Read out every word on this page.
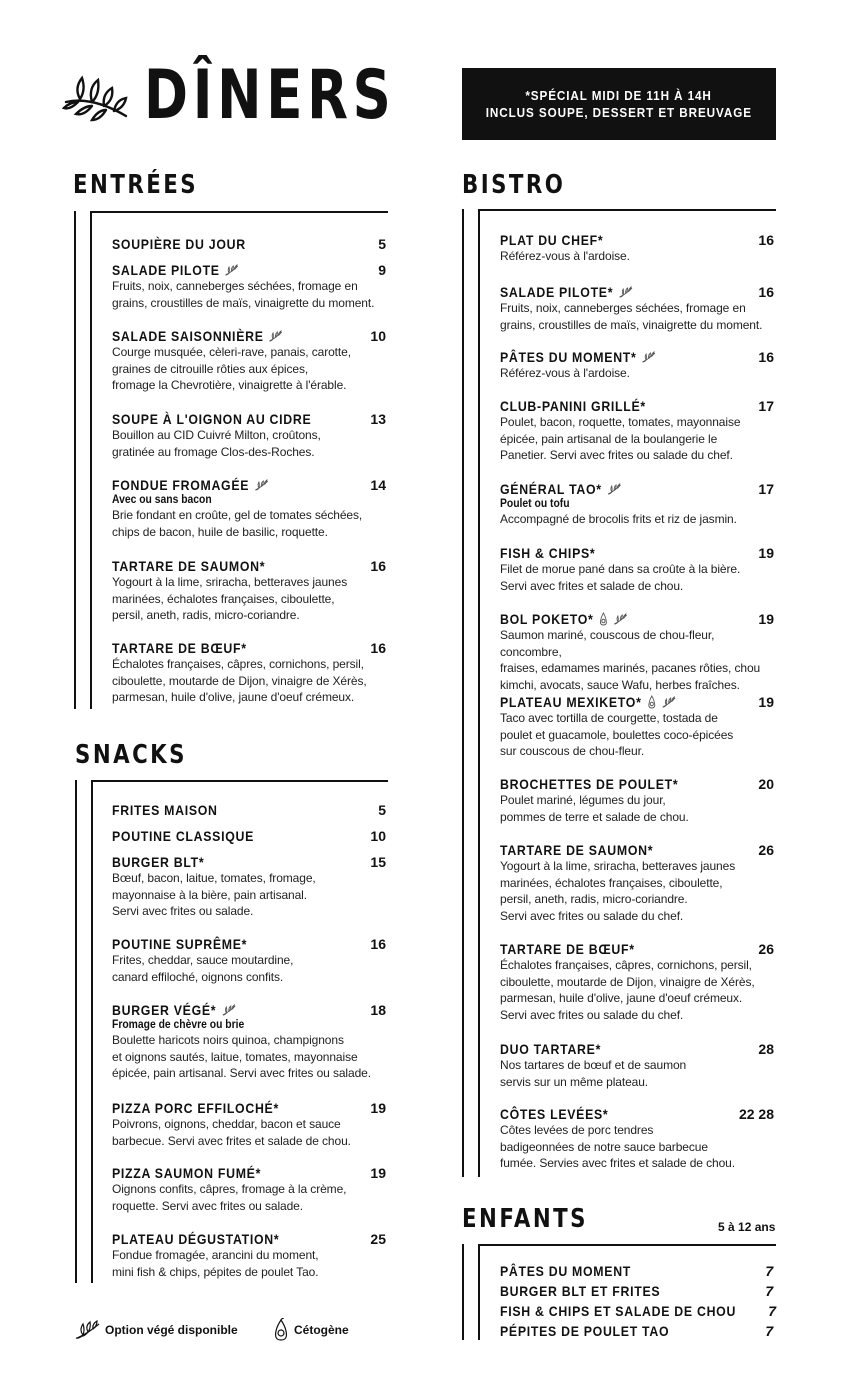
DÎNERS	*SPÉCIAL MIDI DE 11H À 14H
INCLUS SOUPE, DESSERT ET BREUVAGE
ENTRÉES
SOUPIÈRE DU JOUR	5
SALADE PILOTE	9
Fruits, noix, canneberges séchées, fromage en
grains, croustilles de maïs, vinaigrette du moment.
SALADE SAISONNIÈRE	10
Courge musquée, cèleri-rave, panais, carotte,
graines de citrouille rôties aux épices,
fromage la Chevrotière, vinaigrette à l'érable.
SOUPE À L'OIGNON AU CIDRE	13
Bouillon au CID Cuivré Milton, croûtons,
gratinée au fromage Clos-des-Roches.
FONDUE FROMAGÉE	14
Avec ou sans bacon
Brie fondant en croûte, gel de tomates séchées,
chips de bacon, huile de basilic, roquette.
TARTARE DE SAUMON*	16
Yogourt à la lime, sriracha, betteraves jaunes
marinées, échalotes françaises, ciboulette,
persil, aneth, radis, micro-coriandre.
TARTARE DE BŒUF*	16
Échalotes françaises, câpres, cornichons, persil,
ciboulette, moutarde de Dijon, vinaigre de Xérès,
parmesan, huile d'olive, jaune d'oeuf crémeux.
SNACKS
FRITES MAISON	5
POUTINE CLASSIQUE	10
BURGER BLT*	15
Bœuf, bacon, laitue, tomates, fromage,
mayonnaise à la bière, pain artisanal.
Servi avec frites ou salade.
POUTINE SUPRÊME*	16
Frites, cheddar, sauce moutardine,
canard effiloché, oignons confits.
BURGER VÉGÉ*	18
Fromage de chèvre ou brie
Boulette haricots noirs quinoa, champignons
et oignons sautés, laitue, tomates, mayonnaise
épicée, pain artisanal. Servi avec frites ou salade.
PIZZA PORC EFFILOCHÉ*	19
Poivrons, oignons, cheddar, bacon et sauce
barbecue. Servi avec frites et salade de chou.
PIZZA SAUMON FUMÉ*	19
Oignons confits, câpres, fromage à la crème,
roquette. Servi avec frites ou salade.
PLATEAU DÉGUSTATION*	25
Fondue fromagée, arancini du moment,
mini fish & chips, pépites de poulet Tao.
BISTRO
PLAT DU CHEF*	16
Référez-vous à l'ardoise.
SALADE PILOTE*	16
Fruits, noix, canneberges séchées, fromage en
grains, croustilles de maïs, vinaigrette du moment.
PÂTES DU MOMENT*	16
Référez-vous à l'ardoise.
CLUB-PANINI GRILLÉ*	17
Poulet, bacon, roquette, tomates, mayonnaise
épicée, pain artisanal de la boulangerie le
Panetier. Servi avec frites ou salade du chef.
GÉNÉRAL TAO*	17
Poulet ou tofu
Accompagné de brocolis frits et riz de jasmin.
FISH & CHIPS*	19
Filet de morue pané dans sa croûte à la bière.
Servi avec frites et salade de chou.
BOL POKETO*	19
Saumon mariné, couscous de chou-fleur, concombre,
fraises, edamames marinés, pacanes rôties, chou
kimchi, avocats, sauce Wafu, herbes fraîches.
PLATEAU MEXIKETO*	19
Taco avec tortilla de courgette, tostada de
poulet et guacamole, boulettes coco-épicées
sur couscous de chou-fleur.
BROCHETTES DE POULET*	20
Poulet mariné, légumes du jour,
pommes de terre et salade de chou.
TARTARE DE SAUMON*	26
Yogourt à la lime, sriracha, betteraves jaunes
marinées, échalotes françaises, ciboulette,
persil, aneth, radis, micro-coriandre.
Servi avec frites ou salade du chef.
TARTARE DE BŒUF*	26
Échalotes françaises, câpres, cornichons, persil,
ciboulette, moutarde de Dijon, vinaigre de Xérès,
parmesan, huile d'olive, jaune d'oeuf crémeux.
Servi avec frites ou salade du chef.
DUO TARTARE*	28
Nos tartares de bœuf et de saumon
servis sur un même plateau.
CÔTES LEVÉES*	22 28
Côtes levées de porc tendres
badigeonnées de notre sauce barbecue
fumée. Servies avec frites et salade de chou.
ENFANTS	5 à 12 ans
PÂTES DU MOMENT	7
BURGER BLT ET FRITES	7
FISH & CHIPS ET SALADE DE CHOU 7
PÉPITES DE POULET TAO	7
Option végé disponible	Cétogène
